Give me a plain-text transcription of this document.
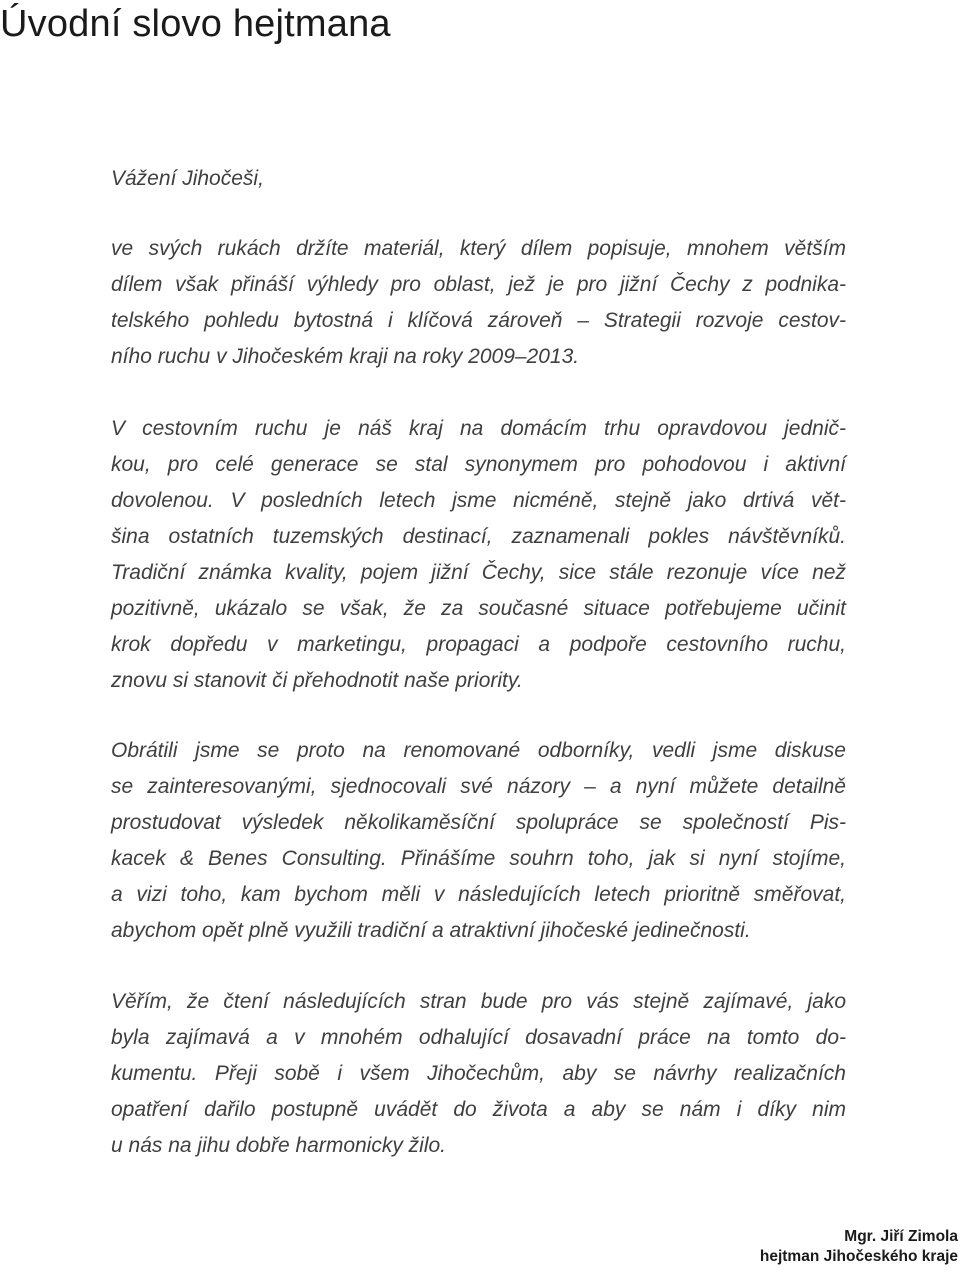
Úvodní slovo hejtmana
Vážení Jihočeši,
ve svých rukách držíte materiál, který dílem popisuje, mnohem větším
dílem však přináší výhledy pro oblast, jež je pro jižní Čechy z podnika-
telského pohledu bytostná i klíčová zároveň – Strategii rozvoje cestov-
ního ruchu v Jihočeském kraji na roky 2009–2013.
V cestovním ruchu je náš kraj na domácím trhu opravdovou jednič-
kou, pro celé generace se stal synonymem pro pohodovou i aktivní
dovolenou. V posledních letech jsme nicméně, stejně jako drtivá vět-
šina ostatních tuzemských destinací, zaznamenali pokles návštěvníků.
Tradiční známka kvality, pojem jižní Čechy, sice stále rezonuje více než
pozitivně, ukázalo se však, že za současné situace potřebujeme učinit
krok dopředu v marketingu, propagaci a podpoře cestovního ruchu,
znovu si stanovit či přehodnotit naše priority.
Obrátili jsme se proto na renomované odborníky, vedli jsme diskuse
se zainteresovanými, sjednocovali své názory – a nyní můžete detailně
prostudovat výsledek několikaměsíční spolupráce se společností Pis-
kacek & Benes Consulting. Přinášíme souhrn toho, jak si nyní stojíme,
a vizi toho, kam bychom měli v následujících letech prioritně směřovat,
abychom opět plně využili tradiční a atraktivní jihočeské jedinečnosti.
Věřím, že čtení následujících stran bude pro vás stejně zajímavé, jako
byla zajímavá a v mnohém odhalující dosavadní práce na tomto do-
kumentu. Přeji sobě i všem Jihočechům, aby se návrhy realizačních
opatření dařilo postupně uvádět do života a aby se nám i díky nim
u nás na jihu dobře harmonicky žilo.
Mgr. Jiří Zimola
hejtman Jihočeského kraje
